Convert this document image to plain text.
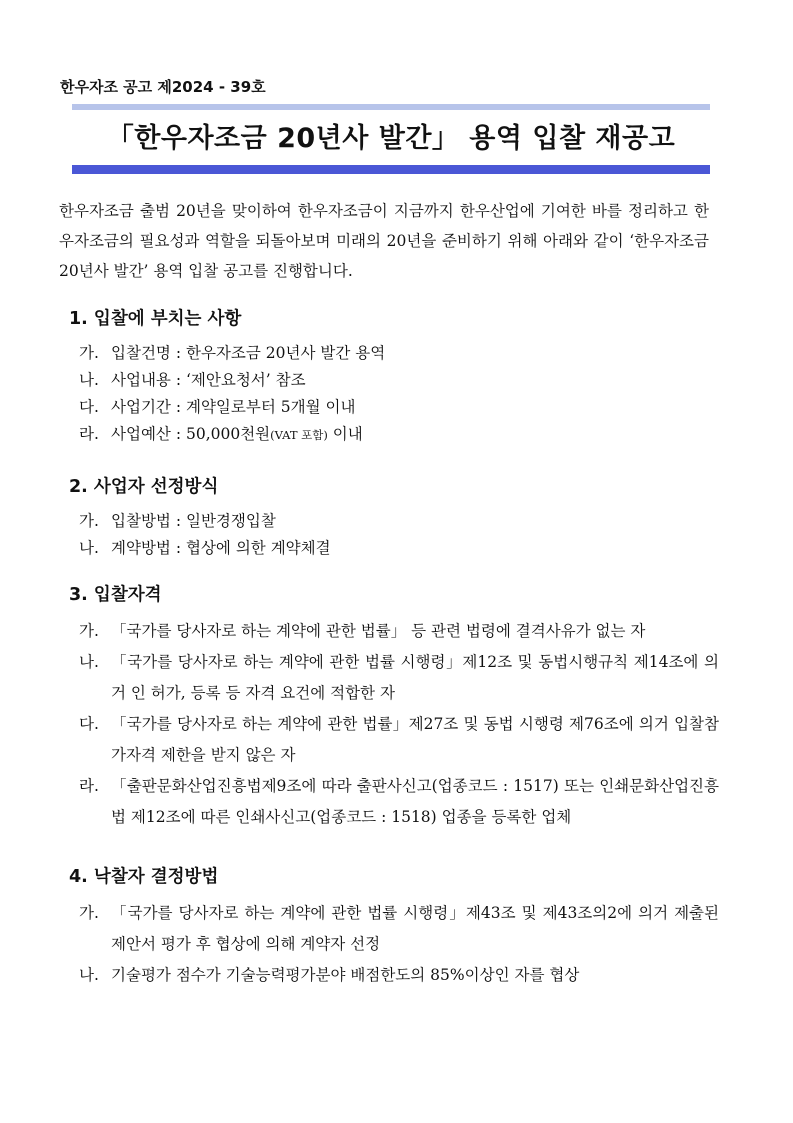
한우자조 공고 제2024 - 39호
「한우자조금 20년사 발간」 용역 입찰 재공고

한우자조금 출범 20년을 맞이하여 한우자조금이 지금까지 한우산업에 기여한 바를 정리하고 한우자조금의 필요성과 역할을 되돌아보며 미래의 20년을 준비하기 위해 아래와 같이 ‘한우자조금 20년사 발간’ 용역 입찰 공고를 진행합니다.

1. 입찰에 부치는 사항
가. 입찰건명 : 한우자조금 20년사 발간 용역
나. 사업내용 : ‘제안요청서’ 참조
다. 사업기간 : 계약일로부터 5개월 이내
라. 사업예산 : 50,000천원(VAT 포함) 이내
2. 사업자 선정방식
가. 입찰방법 : 일반경쟁입찰
나. 계약방법 : 협상에 의한 계약체결
3. 입찰자격
가. 「국가를 당사자로 하는 계약에 관한 법률」 등 관련 법령에 결격사유가 없는 자
나. 「국가를 당사자로 하는 계약에 관한 법률 시행령」제12조 및 동법시행규칙 제14조에 의거 인 허가, 등록 등 자격 요건에 적합한 자
다. 「국가를 당사자로 하는 계약에 관한 법률」제27조 및 동법 시행령 제76조에 의거 입찰참가자격 제한을 받지 않은 자
라. 「출판문화산업진흥법제9조에 따라 출판사신고(업종코드 : 1517) 또는 인쇄문화산업진흥법 제12조에 따른 인쇄사신고(업종코드 : 1518) 업종을 등록한 업체
4. 낙찰자 결정방법
가. 「국가를 당사자로 하는 계약에 관한 법률 시행령」제43조 및 제43조의2에 의거 제출된 제안서 평가 후 협상에 의해 계약자 선정
나. 기술평가 점수가 기술능력평가분야 배점한도의 85%이상인 자를 협상
